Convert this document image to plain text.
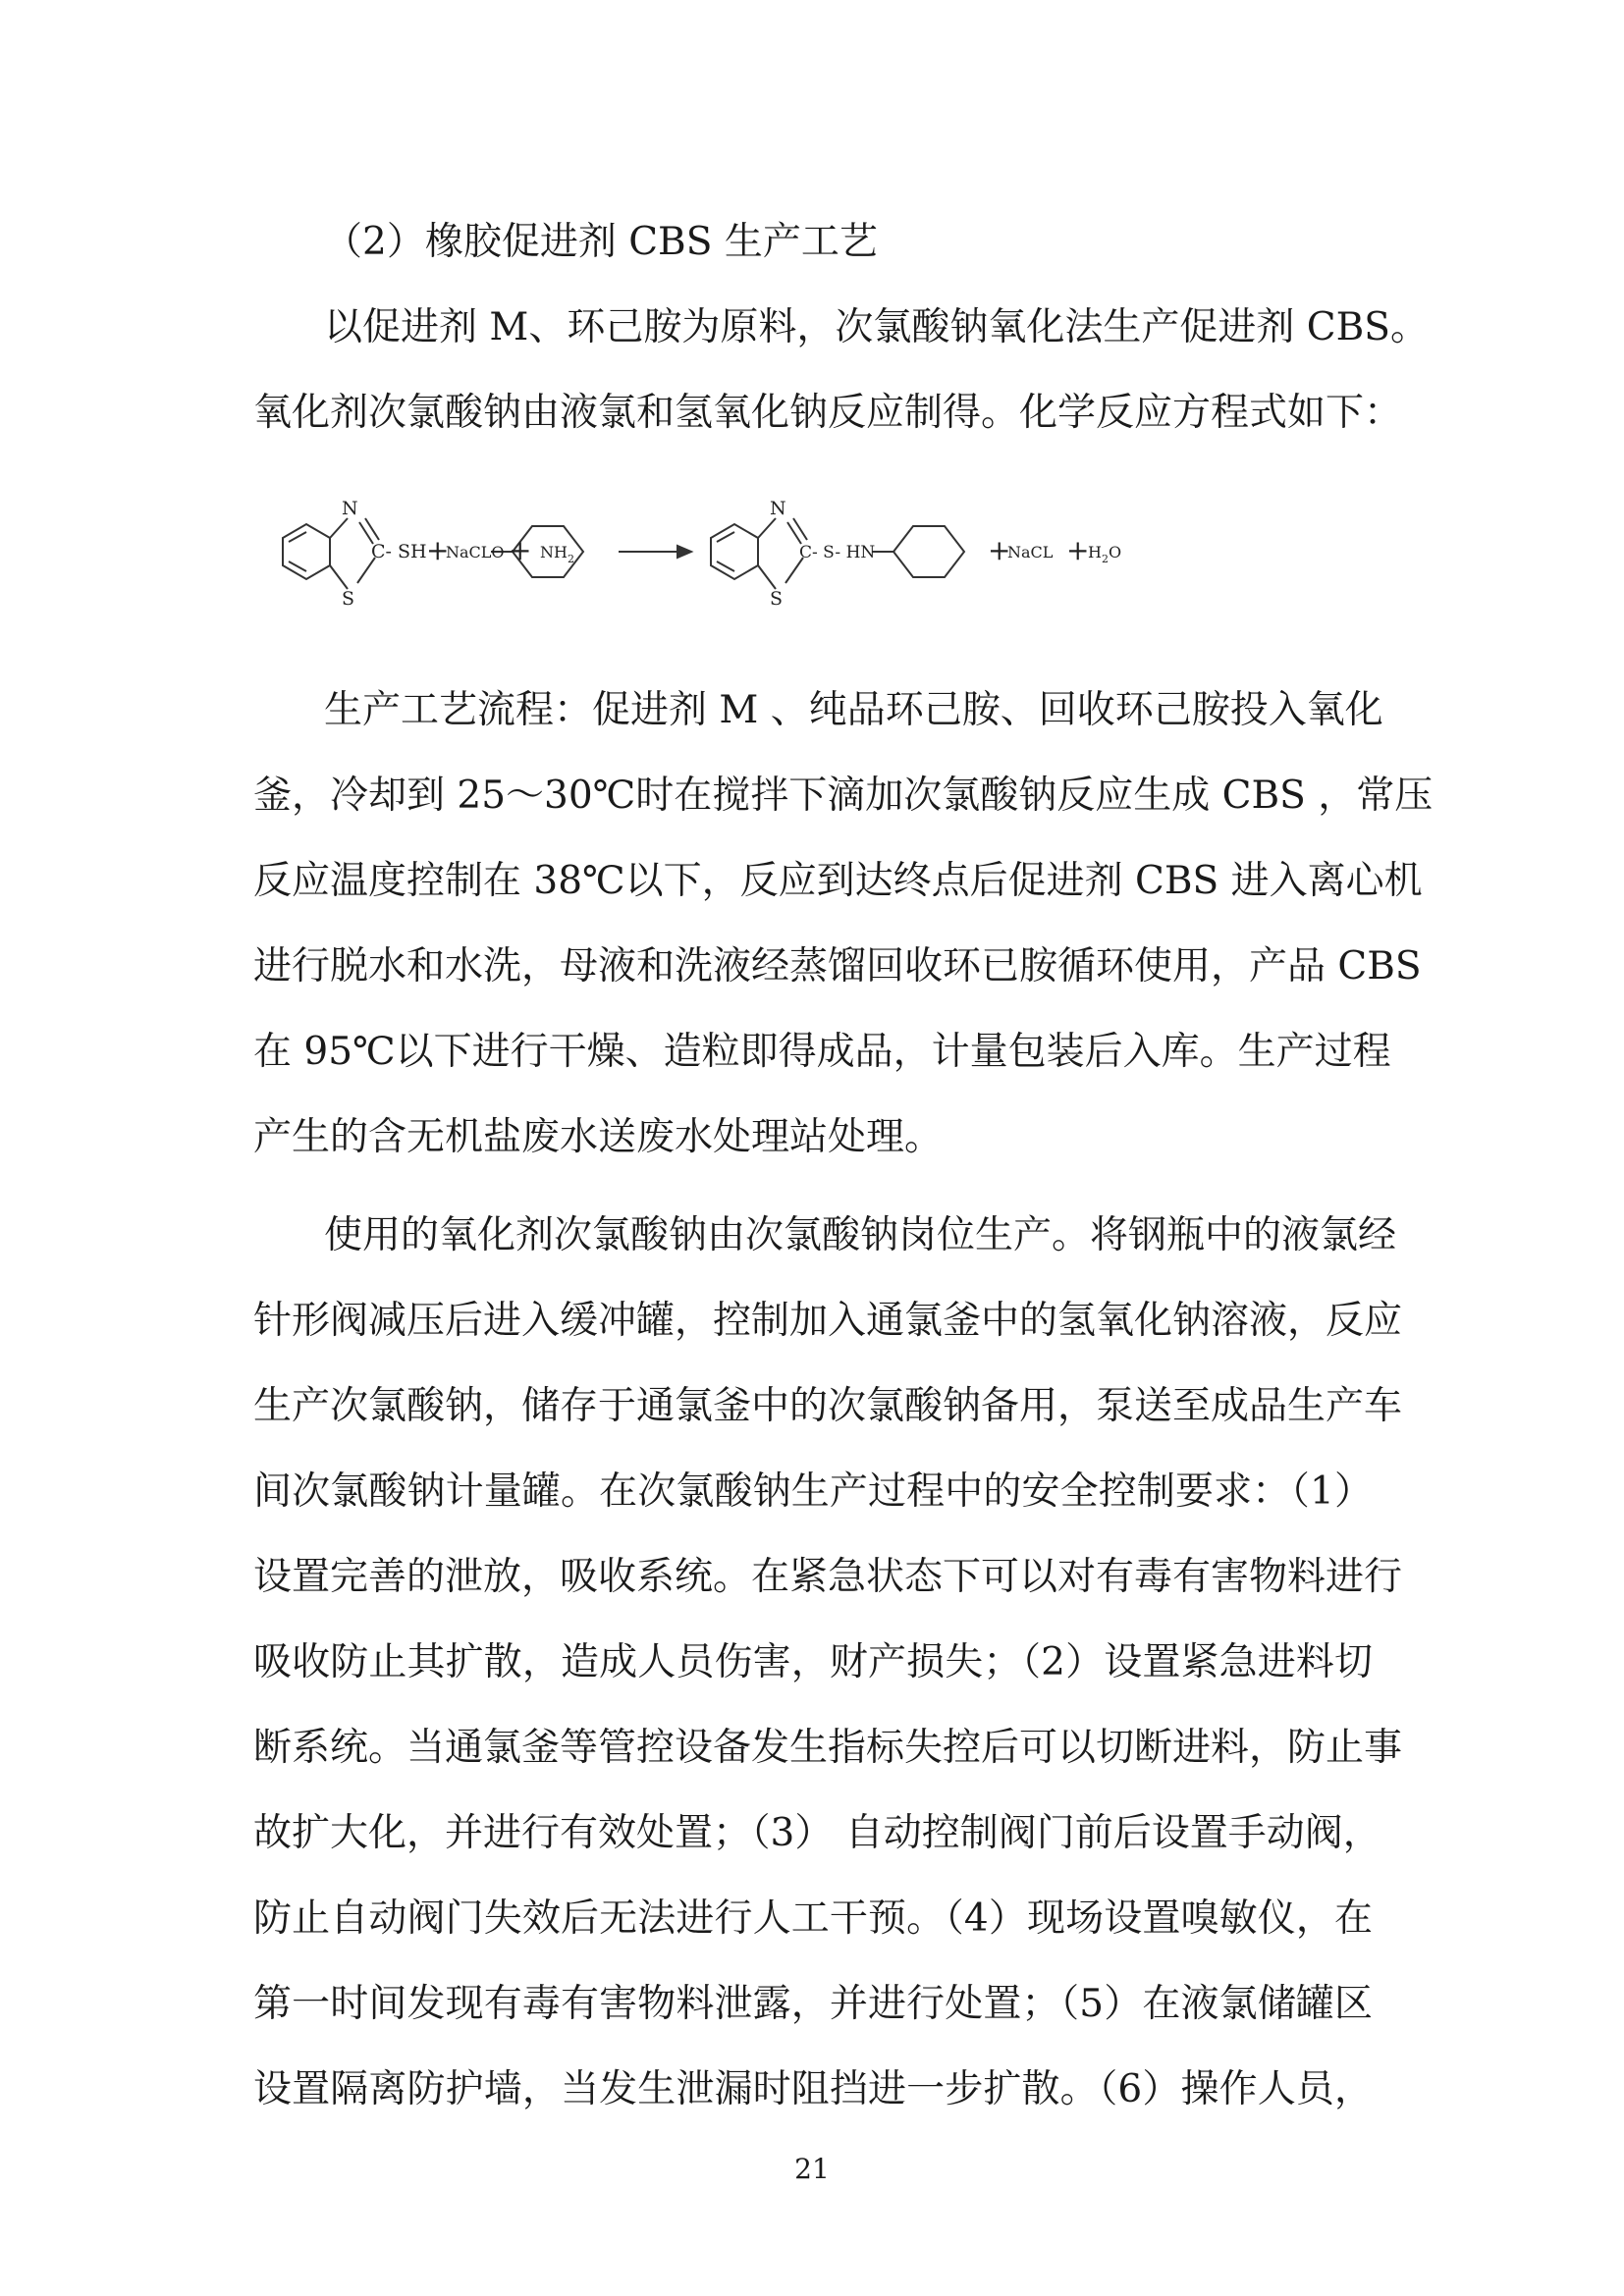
（2）橡胶促进剂 CBS 生产工艺
以促进剂 M、环己胺为原料，次氯酸钠氧化法生产促进剂 CBS。
氧化剂次氯酸钠由液氯和氢氧化钠反应制得。化学反应方程式如下：
N
S
C- SH +
NaCLO + $NH_2$
N
S
C- S- HN	+
NaCL +
$H_2O$
生产工艺流程：促进剂 M 、纯品环己胺、回收环己胺投入氧化
釜，冷却到 25～30℃时在搅拌下滴加次氯酸钠反应生成 CBS ，常压
反应温度控制在 38℃以下，反应到达终点后促进剂 CBS 进入离心机
进行脱水和水洗，母液和洗液经蒸馏回收环已胺循环使用，产品 CBS
在 95℃以下进行干燥、造粒即得成品，计量包装后入库。生产过程
产生的含无机盐废水送废水处理站处理。
使用的氧化剂次氯酸钠由次氯酸钠岗位生产。将钢瓶中的液氯经
针形阀减压后进入缓冲罐，控制加入通氯釜中的氢氧化钠溶液，反应
生产次氯酸钠，储存于通氯釜中的次氯酸钠备用，泵送至成品生产车
间次氯酸钠计量罐。在次氯酸钠生产过程中的安全控制要求：（1）
设置完善的泄放，吸收系统。在紧急状态下可以对有毒有害物料进行
吸收防止其扩散，造成人员伤害，财产损失；（2）设置紧急进料切
断系统。当通氯釜等管控设备发生指标失控后可以切断进料，防止事
故扩大化，并进行有效处置；（3） 自动控制阀门前后设置手动阀，
防止自动阀门失效后无法进行人工干预。（4）现场设置嗅敏仪，在
第一时间发现有毒有害物料泄露，并进行处置；（5）在液氯储罐区
设置隔离防护墙，当发生泄漏时阻挡进一步扩散。（6）操作人员，
21
